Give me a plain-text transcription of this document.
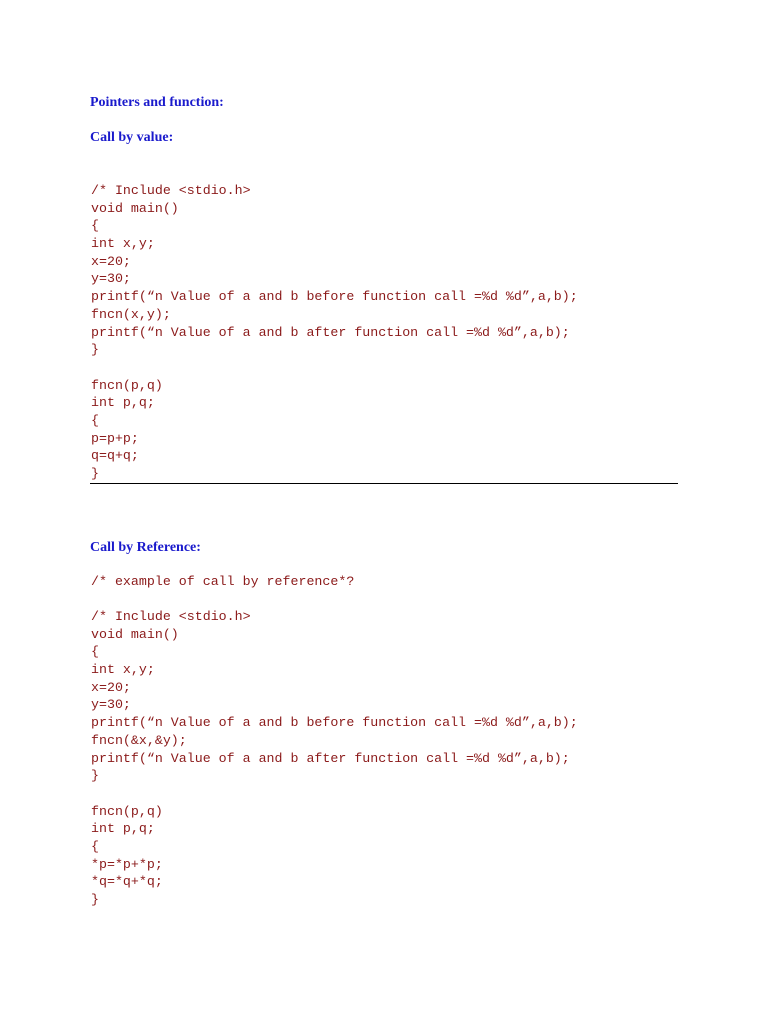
Pointers and function:
Call by value:
/* Include <stdio.h>
void main()
{
int x,y;
x=20;
y=30;
printf(“n Value of a and b before function call =%d %d”,a,b);
fncn(x,y);
printf(“n Value of a and b after function call =%d %d”,a,b);
}
fncn(p,q)
int p,q;
{
p=p+p;
q=q+q;
}
Call by Reference:
/* example of call by reference*?
/* Include <stdio.h>
void main()
{
int x,y;
x=20;
y=30;
printf(“n Value of a and b before function call =%d %d”,a,b);
fncn(&x,&y);
printf(“n Value of a and b after function call =%d %d”,a,b);
}
fncn(p,q)
int p,q;
{
*p=*p+*p;
*q=*q+*q;
}
